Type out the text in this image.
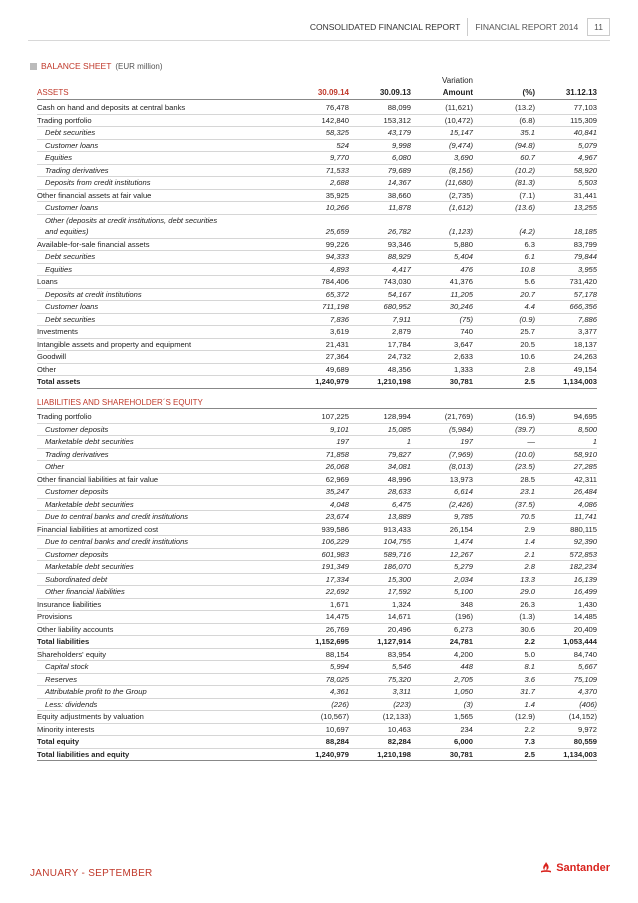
CONSOLIDATED FINANCIAL REPORT	FINANCIAL REPORT 2014	11
BALANCE SHEET (EUR million)
			Variation		
ASSETS	30.09.14	30.09.13	Amount	(%)	31.12.13
Cash on hand and deposits at central banks	76,478	88,099	(11,621)	(13.2)	77,103
Trading portfolio	142,840	153,312	(10,472)	(6.8)	115,309
Debt securities	58,325	43,179	15,147	35.1	40,841
Customer loans	524	9,998	(9,474)	(94.8)	5,079
Equities	9,770	6,080	3,690	60.7	4,967
Trading derivatives	71,533	79,689	(8,156)	(10.2)	58,920
Deposits from credit institutions	2,688	14,367	(11,680)	(81.3)	5,503
Other financial assets at fair value	35,925	38,660	(2,735)	(7.1)	31,441
Customer loans	10,266	11,878	(1,612)	(13.6)	13,255
Other (deposits at credit institutions, debt securities					
and equities)	25,659	26,782	(1,123)	(4.2)	18,185
Available-for-sale financial assets	99,226	93,346	5,880	6.3	83,799
Debt securities	94,333	88,929	5,404	6.1	79,844
Equities	4,893	4,417	476	10.8	3,955
Loans	784,406	743,030	41,376	5.6	731,420
Deposits at credit institutions	65,372	54,167	11,205	20.7	57,178
Customer loans	711,198	680,952	30,246	4.4	666,356
Debt securities	7,836	7,911	(75)	(0.9)	7,886
Investments	3,619	2,879	740	25.7	3,377
Intangible assets and property and equipment	21,431	17,784	3,647	20.5	18,137
Goodwill	27,364	24,732	2,633	10.6	24,263
Other	49,689	48,356	1,333	2.8	49,154
Total assets	1,240,979	1,210,198	30,781	2.5	1,134,003
LIABILITIES AND SHAREHOLDER´S EQUITY
Trading portfolio	107,225	128,994	(21,769)	(16.9)	94,695
Customer deposits	9,101	15,085	(5,984)	(39.7)	8,500
Marketable debt securities	197	1	197	—	1
Trading derivatives	71,858	79,827	(7,969)	(10.0)	58,910
Other	26,068	34,081	(8,013)	(23.5)	27,285
Other financial liabilities at fair value	62,969	48,996	13,973	28.5	42,311
Customer deposits	35,247	28,633	6,614	23.1	26,484
Marketable debt securities	4,048	6,475	(2,426)	(37.5)	4,086
Due to central banks and credit institutions	23,674	13,889	9,785	70.5	11,741
Financial liabilities at amortized cost	939,586	913,433	26,154	2.9	880,115
Due to central banks and credit institutions	106,229	104,755	1,474	1.4	92,390
Customer deposits	601,983	589,716	12,267	2.1	572,853
Marketable debt securities	191,349	186,070	5,279	2.8	182,234
Subordinated debt	17,334	15,300	2,034	13.3	16,139
Other financial liabilities	22,692	17,592	5,100	29.0	16,499
Insurance liabilities	1,671	1,324	348	26.3	1,430
Provisions	14,475	14,671	(196)	(1.3)	14,485
Other liability accounts	26,769	20,496	6,273	30.6	20,409
Total liabilities	1,152,695	1,127,914	24,781	2.2	1,053,444
Shareholders' equity	88,154	83,954	4,200	5.0	84,740
Capital stock	5,994	5,546	448	8.1	5,667
Reserves	78,025	75,320	2,705	3.6	75,109
Attributable profit to the Group	4,361	3,311	1,050	31.7	4,370
Less: dividends	(226)	(223)	(3)	1.4	(406)
Equity adjustments by valuation	(10,567)	(12,133)	1,565	(12.9)	(14,152)
Minority interests	10,697	10,463	234	2.2	9,972
Total equity	88,284	82,284	6,000	7.3	80,559
Total liabilities and equity	1,240,979	1,210,198	30,781	2.5	1,134,003
JANUARY - SEPTEMBER	Santander
